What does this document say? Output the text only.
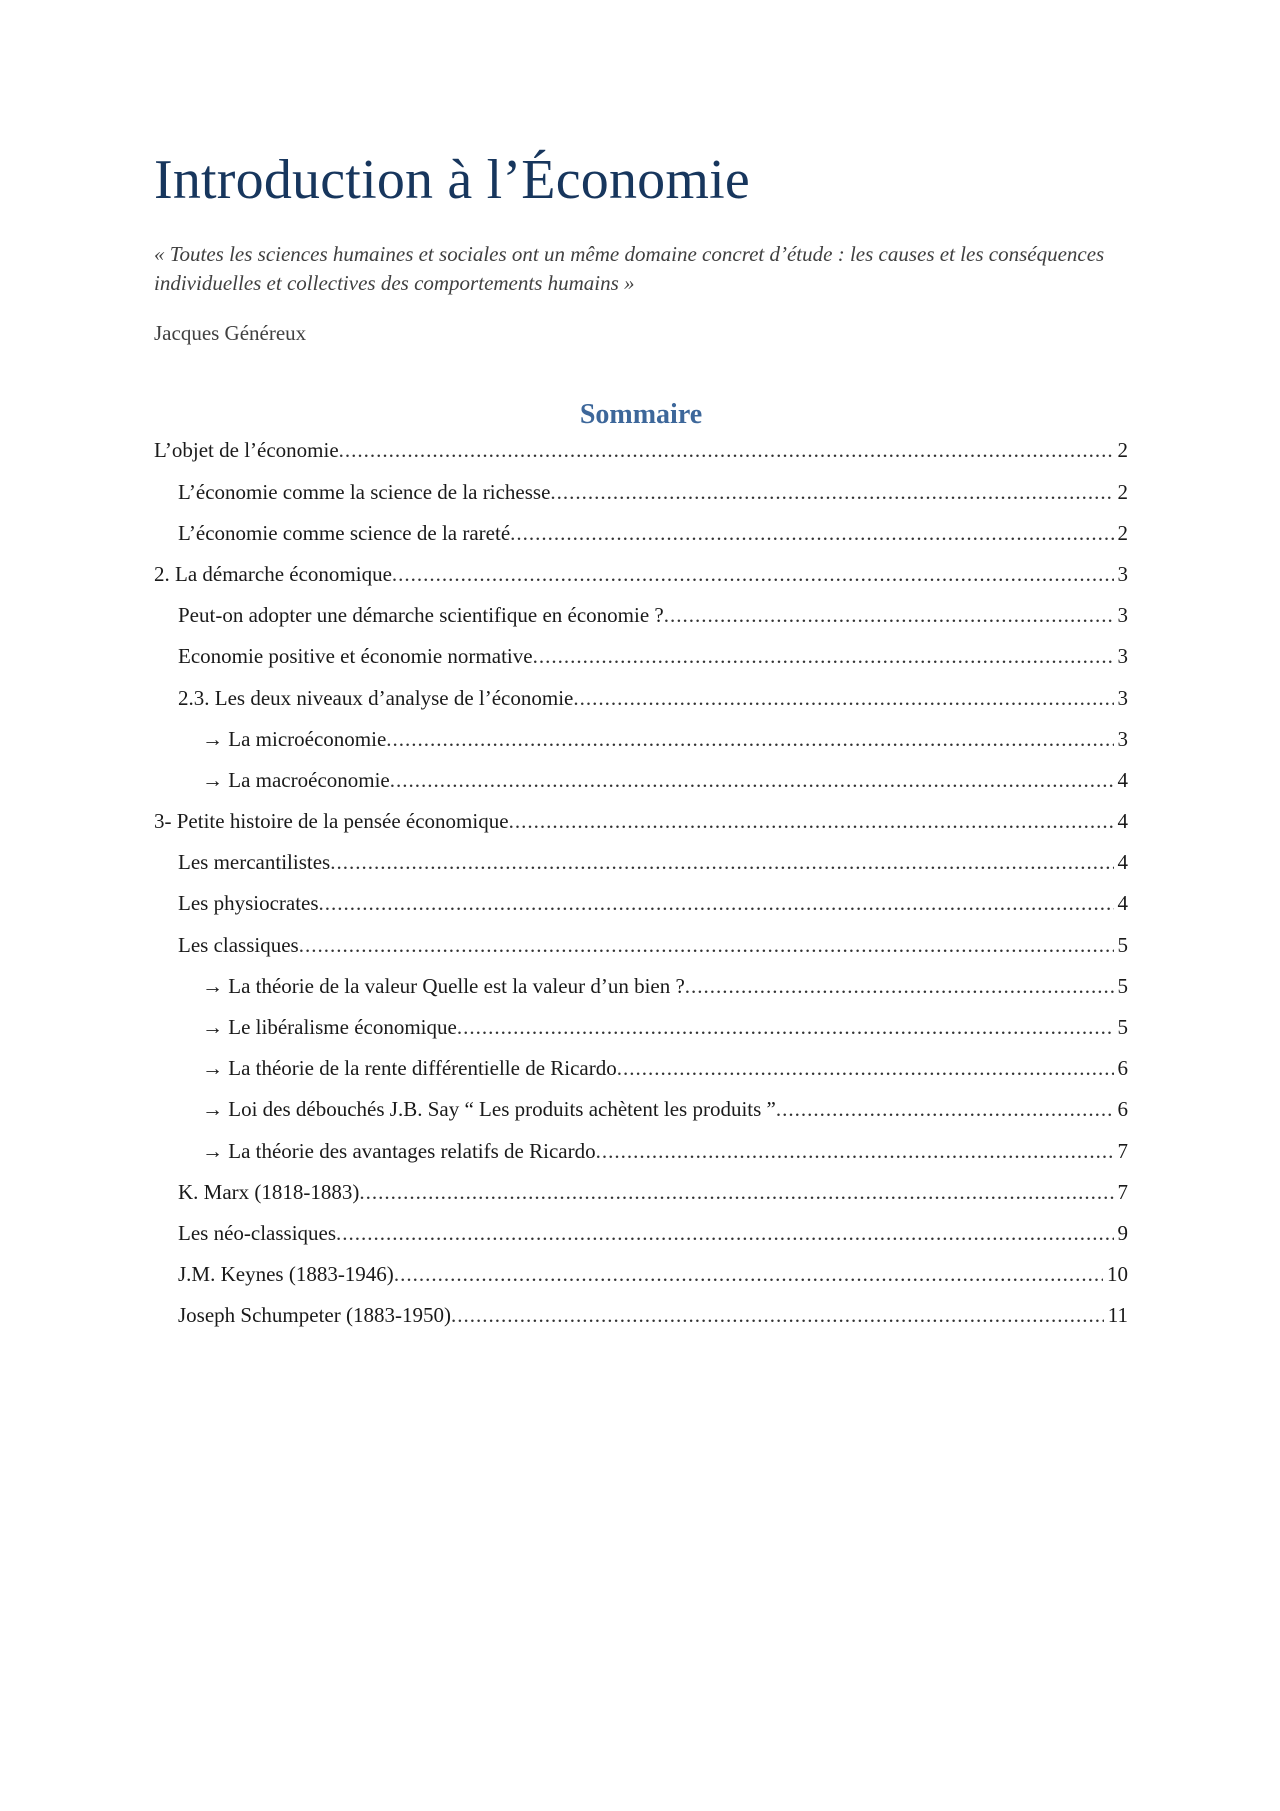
Introduction à l’Économie
« Toutes les sciences humaines et sociales ont un même domaine concret d’étude : les causes et les conséquences individuelles et collectives des comportements humains »
Jacques Généreux
Sommaire
L’objet de l’économie .....	2
L’économie comme la science de la richesse .....	2
L’économie comme science de la rareté .....	2
2. La démarche économique .....	3
Peut-on adopter une démarche scientifique en économie ? .....	3
Economie positive et économie normative .....	3
2.3. Les deux niveaux d’analyse de l’économie .....	3
→ La microéconomie .....	3
→ La macroéconomie .....	4
3- Petite histoire de la pensée économique .....	4
Les mercantilistes .....	4
Les physiocrates .....	4
Les classiques .....	5
→ La théorie de la valeur Quelle est la valeur d’un bien ? .....	5
→ Le libéralisme économique .....	5
→ La théorie de la rente différentielle de Ricardo .....	6
→ Loi des débouchés J.B. Say “ Les produits achètent les produits ” .....	6
→ La théorie des avantages relatifs de Ricardo .....	7
K. Marx (1818-1883) .....	7
Les néo-classiques .....	9
J.M. Keynes (1883-1946) .....	10
Joseph Schumpeter (1883-1950) .....	11
